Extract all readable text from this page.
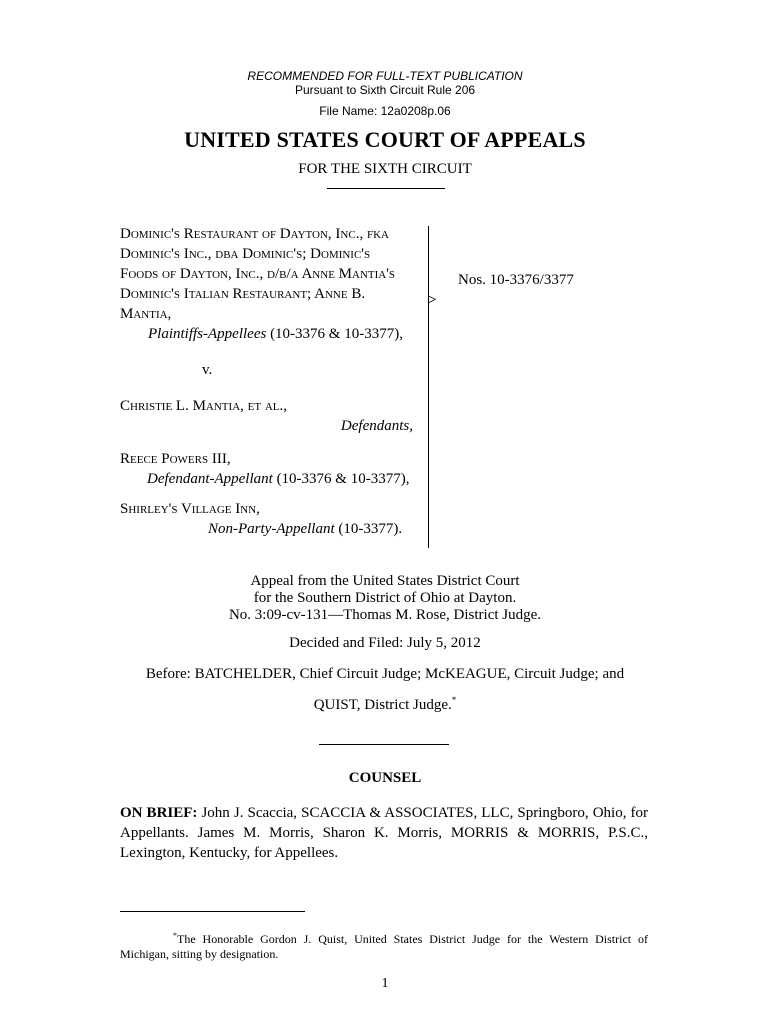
RECOMMENDED FOR FULL-TEXT PUBLICATION
Pursuant to Sixth Circuit Rule 206
File Name: 12a0208p.06
UNITED STATES COURT OF APPEALS
FOR THE SIXTH CIRCUIT
Dominic's Restaurant of Dayton, Inc., fka
Dominic's Inc., dba Dominic's; Dominic's
Foods of Dayton, Inc., d/b/a Anne Mantia's
Dominic's Italian Restaurant; Anne B.
Mantia,
Plaintiffs-Appellees (10-3376 & 10-3377),
v.
Christie L. Mantia, et al.,
Defendants,
Reece Powers III,
Defendant-Appellant (10-3376 & 10-3377),
Shirley's Village Inn,
Non-Party-Appellant (10-3377).
>
Nos. 10-3376/3377
Appeal from the United States District Court
for the Southern District of Ohio at Dayton.
No. 3:09-cv-131—Thomas M. Rose, District Judge.
Decided and Filed: July 5, 2012
Before: BATCHELDER, Chief Circuit Judge; McKEAGUE, Circuit Judge; and
QUIST, District Judge.*
COUNSEL
ON BRIEF: John J. Scaccia, SCACCIA & ASSOCIATES, LLC, Springboro, Ohio, for Appellants. James M. Morris, Sharon K. Morris, MORRIS & MORRIS, P.S.C., Lexington, Kentucky, for Appellees.
*The Honorable Gordon J. Quist, United States District Judge for the Western District of Michigan, sitting by designation.
1
